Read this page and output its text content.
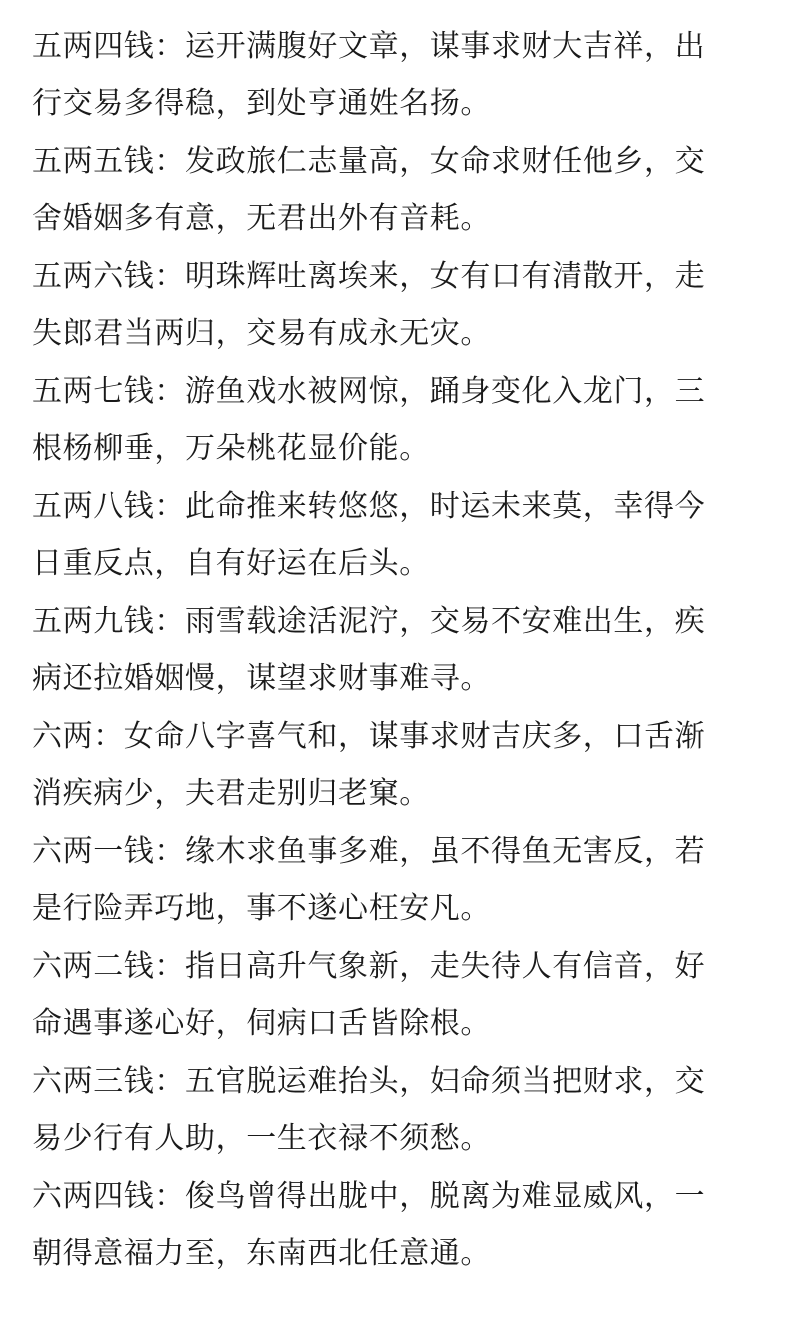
五两四钱：运开满腹好文章，谋事求财大吉祥，出
行交易多得稳，到处亨通姓名扬。
五两五钱：发政旅仁志量高，女命求财任他乡，交
舍婚姻多有意，无君出外有音耗。
五两六钱：明珠辉吐离埃来，女有口有清散开，走
失郎君当两归，交易有成永无灾。
五两七钱：游鱼戏水被网惊，踊身变化入龙门，三
根杨柳垂，万朵桃花显价能。
五两八钱：此命推来转悠悠，时运未来莫，幸得今
日重反点，自有好运在后头。
五两九钱：雨雪载途活泥泞，交易不安难出生，疾
病还拉婚姻慢，谋望求财事难寻。
六两：女命八字喜气和，谋事求财吉庆多，口舌渐
消疾病少，夫君走别归老窠。
六两一钱：缘木求鱼事多难，虽不得鱼无害反，若
是行险弄巧地，事不遂心枉安凡。
六两二钱：指日高升气象新，走失待人有信音，好
命遇事遂心好，伺病口舌皆除根。
六两三钱：五官脱运难抬头，妇命须当把财求，交
易少行有人助，一生衣禄不须愁。
六两四钱：俊鸟曾得出胧中，脱离为难显威风，一
朝得意福力至，东南西北任意通。
